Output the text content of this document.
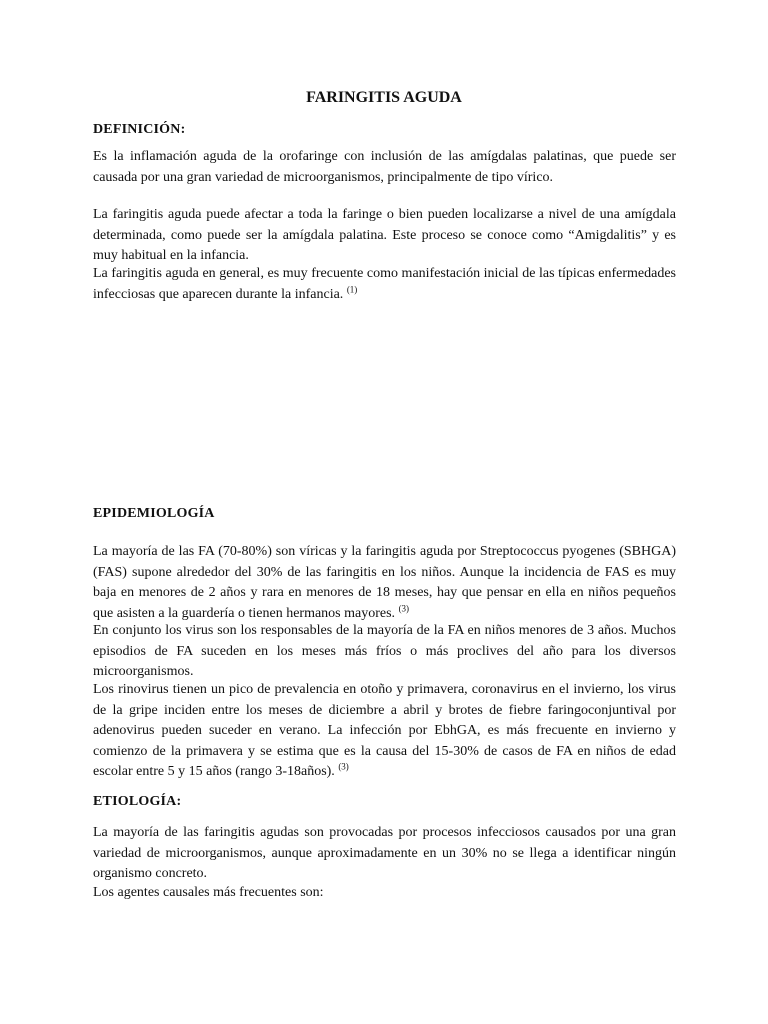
FARINGITIS AGUDA
DEFINICIÓN:
Es la inflamación aguda de la orofaringe con inclusión de las amígdalas palatinas, que puede ser causada por una gran variedad de microorganismos, principalmente de tipo vírico.
La faringitis aguda puede afectar a toda la faringe o bien pueden localizarse a nivel de una amígdala determinada, como puede ser la amígdala palatina. Este proceso se conoce como “Amigdalitis” y es muy habitual en la infancia.
La faringitis aguda en general, es muy frecuente como manifestación inicial de las típicas enfermedades infecciosas que aparecen durante la infancia. $^{(1)}$
EPIDEMIOLOGÍA
La mayoría de las FA (70-80%) son víricas y la faringitis aguda por Streptococcus pyogenes (SBHGA) (FAS) supone alrededor del 30% de las faringitis en los niños. Aunque la incidencia de FAS es muy baja en menores de 2 años y rara en menores de 18 meses, hay que pensar en ella en niños pequeños que asisten a la guardería o tienen hermanos mayores. $^{(3)}$
En conjunto los virus son los responsables de la mayoría de la FA en niños menores de 3 años. Muchos episodios de FA suceden en los meses más fríos o más proclives del año para los diversos microorganismos.
Los rinovirus tienen un pico de prevalencia en otoño y primavera, coronavirus en el invierno, los virus de la gripe inciden entre los meses de diciembre a abril y brotes de fiebre faringoconjuntival por adenovirus pueden suceder en verano. La infección por EbhGA, es más frecuente en invierno y comienzo de la primavera y se estima que es la causa del 15-30% de casos de FA en niños de edad escolar entre 5 y 15 años (rango 3-18años). $^{(3)}$
ETIOLOGÍA:
La mayoría de las faringitis agudas son provocadas por procesos infecciosos causados por una gran variedad de microorganismos, aunque aproximadamente en un 30% no se llega a identificar ningún organismo concreto.
Los agentes causales más frecuentes son:
